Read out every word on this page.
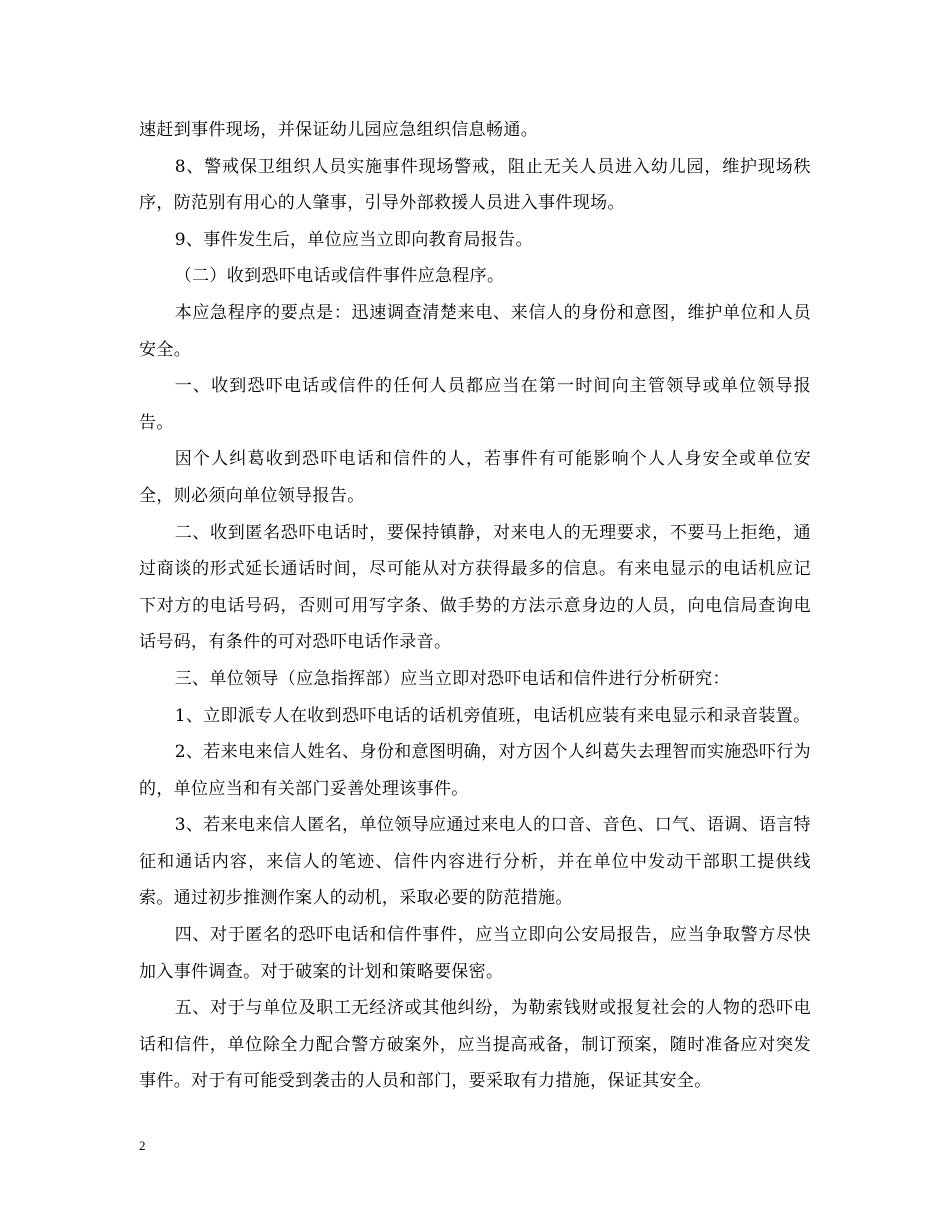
速赶到事件现场，并保证幼儿园应急组织信息畅通。

8、警戒保卫组织人员实施事件现场警戒，阻止无关人员进入幼儿园，维护现场秩序，防范别有用心的人肇事，引导外部救援人员进入事件现场。

9、事件发生后，单位应当立即向教育局报告。

（二）收到恐吓电话或信件事件应急程序。

本应急程序的要点是：迅速调查清楚来电、来信人的身份和意图，维护单位和人员安全。

一、收到恐吓电话或信件的任何人员都应当在第一时间向主管领导或单位领导报告。

因个人纠葛收到恐吓电话和信件的人，若事件有可能影响个人人身安全或单位安全，则必须向单位领导报告。

二、收到匿名恐吓电话时，要保持镇静，对来电人的无理要求，不要马上拒绝，通过商谈的形式延长通话时间，尽可能从对方获得最多的信息。有来电显示的电话机应记下对方的电话号码，否则可用写字条、做手势的方法示意身边的人员，向电信局查询电话号码，有条件的可对恐吓电话作录音。

三、单位领导（应急指挥部）应当立即对恐吓电话和信件进行分析研究：

1、立即派专人在收到恐吓电话的话机旁值班，电话机应装有来电显示和录音装置。

2、若来电来信人姓名、身份和意图明确，对方因个人纠葛失去理智而实施恐吓行为的，单位应当和有关部门妥善处理该事件。

3、若来电来信人匿名，单位领导应通过来电人的口音、音色、口气、语调、语言特征和通话内容，来信人的笔迹、信件内容进行分析，并在单位中发动干部职工提供线索。通过初步推测作案人的动机，采取必要的防范措施。

四、对于匿名的恐吓电话和信件事件，应当立即向公安局报告，应当争取警方尽快加入事件调查。对于破案的计划和策略要保密。

五、对于与单位及职工无经济或其他纠纷，为勒索钱财或报复社会的人物的恐吓电话和信件，单位除全力配合警方破案外，应当提高戒备，制订预案，随时准备应对突发事件。对于有可能受到袭击的人员和部门，要采取有力措施，保证其安全。

2
